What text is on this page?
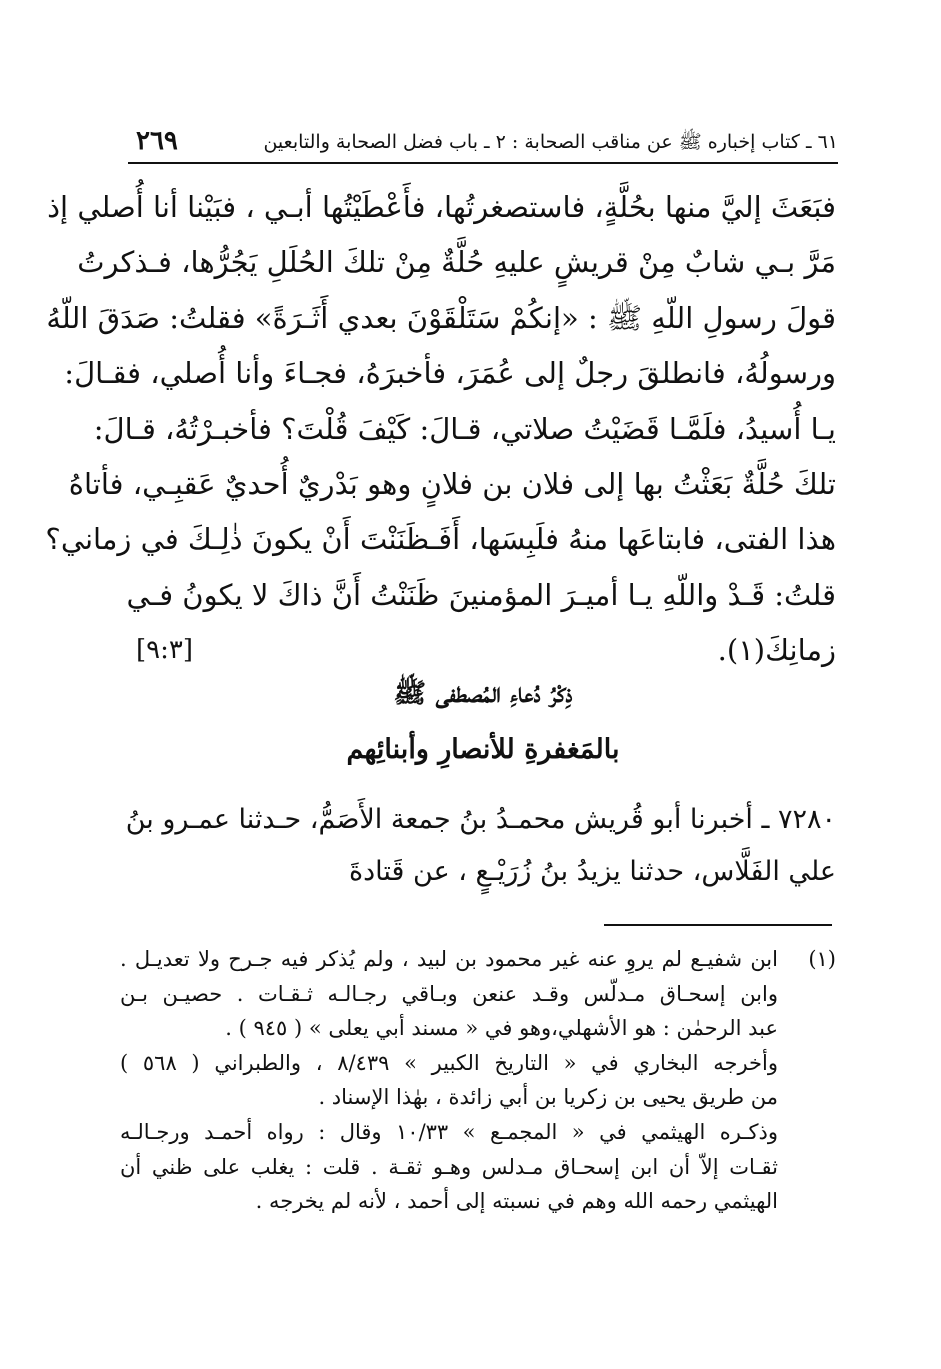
٦١ ـ كتاب إخباره ﷺ عن مناقب الصحابة : ٢ ـ باب فضل الصحابة والتابعين
٢٦٩
فبَعَثَ إليَّ منها بحُلَّةٍ، فاستصغرتُها، فأَعْطَيْتُها أبـي ، فبَيْنا أنا أُصلي إذ
مَرَّ بـي شابٌ مِنْ قريشٍ عليهِ حُلَّةٌ مِنْ تلكَ الحُلَلِ يَجُرُّها، فـذكرتُ
قولَ رسولِ اللّهِ ﷺ : «إنكُمْ سَتَلْقَوْنَ بعدي أَثَـرَةً» فقلتُ: صَدَقَ اللّهُ
ورسولُهُ، فانطلقَ رجلٌ إلى عُمَرَ، فأخبرَهُ، فجـاءَ وأنا أُصلي، فقـالَ:
يـا أُسيدُ، فلَمَّـا قَضَيْتُ صلاتي، قـالَ: كَيْفَ قُلْتَ؟ فأخبـرْتُهُ، قـالَ:
تلكَ حُلَّةٌ بَعَثْتُ بها إلى فلان بن فلانٍ وهو بَدْريٌ أُحديٌ عَقبِـي، فأتاهُ
هذا الفتى، فابتاعَها منهُ فلَبِسَها، أَفَـظَنَنْتَ أَنْ يكونَ ذٰلِـكَ في زماني؟
قلتُ: قَـدْ واللّهِ يـا أميـرَ المؤمنينَ ظَنَنْتُ أَنَّ ذاكَ لا يكونُ فـي
زمانِكَ(١).
[٩:٣]
ذِكْرُ دُعاءِ المُصطفى ﷺ
بالمَغفرةِ للأنصارِ وأبنائِهم
٧٢٨٠ ـ أخبرنا أبو قُريش محمـدُ بنُ جمعة الأَصَمُّ، حـدثنا عمـرو بنُ
علي الفَلَّاس، حدثنا يزيدُ بنُ زُرَيْـعٍ ، عن قَتادةَ
(١)
ابن شفيـع لم يروِ عنه غير محمود بن لبيد ، ولم يُذكر فيه جـرح ولا تعديـل .
وابن إسحـاق مـدلّس وقـد عنعن وبـاقي رجـالـه ثـقـات . حصيـن بـن
عبد الرحمٰن : هو الأشهلي،وهو في « مسند أبي يعلى » ( ٩٤٥ ) .
وأخرجه البخاري في « التاريخ الكبير » ٨/٤٣٩ ، والطبراني ( ٥٦٨ )
من طريق يحيى بن زكريا بن أبي زائدة ، بهٰذا الإسناد .
وذكـره الهيثمي في « المجمـع » ١٠/٣٣ وقال : رواه أحمـد ورجـالـه
ثقـات إلاّ أن ابن إسحـاق مـدلس وهـو ثقـة . قلت : يغلب على ظني أن
الهيثمي رحمه الله وهم في نسبته إلى أحمد ، لأنه لم يخرجه .
